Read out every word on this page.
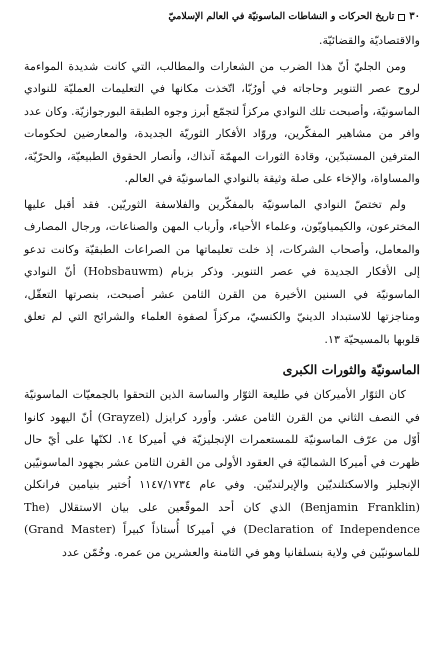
٣٠
تاريخ الحركات و النشاطات الماسونيّة في العالم الإسلاميّ

والاقتصاديّة والقضائيّة.

ومن الجليّ أنّ هذا الضرب من الشعارات والمطالب، التي كانت شديدة المواءمة لروح عصر التنوير وحاجاته في أورُبّا، اتّخذت مكانها في التعليمات العمليّة للنوادي الماسونيّة، وأصبحت تلك النوادي مركزاً لتجمّع أبرز وجوه الطبقة البورجوازيّة. وكان عدد وافر من مشاهير المفكّرين، وروّاد الأفكار الثوريّة الجديدة، والمعارضين لحكومات المترفين المستبدّين، وقادة الثورات المهمّة آنذاك، وأنصار الحقوق الطبيعيّة، والحرّيّة، والمساواة، والإخاء على صلة وثيقة بالنوادي الماسونيّة في العالم.

ولم تختصّ النوادي الماسونيّة بالمفكّرين والفلاسفة الثوريّين. فقد أقبل عليها المخترعون، والكيمياويّون، وعلماء الأحياء، وأرباب المهن والصناعات، ورجال المصارف والمعامل، وأصحاب الشركات، إذ خلت تعليماتها من الصراعات الطبقيّة وكانت تدعو إلى الأفكار الجديدة في عصر التنوير. وذكر بزبام (Hobsbauwm) أنّ النوادي الماسونيّة في السنين الأخيرة من القرن الثامن عشر أصبحت، بنصرتها التعقّل، ومناجزتها للاستبداد الدينيّ والكنسيّ، مركزاً لصفوة العلماء والشرائح التي لم تعلق قلوبها بالمسيحيّة ١٣.

الماسونيّة والثورات الكبرى

كان الثوّار الأميركان في طليعة الثوّار والساسة الذين التحقوا بالجمعيّات الماسونيّة في النصف الثاني من القرن الثامن عشر. وأورد كرايزل (Grayzel) أنّ اليهود كانوا أوّل من عرّف الماسونيّة للمستعمرات الإنجليزيّة في أميركا ١٤. لكنّها على أيّ حال ظهرت في أميركا الشماليّة في العقود الأولى من القرن الثامن عشر بجهود الماسونيّين الإنجليز والاسكتلنديّين والإيرلنديّين. وفي عام ١١٤٧/١٧٣٤ اُختير بنيامين فرانكلن (Benjamin Franklin) الذي كان أحد الموقّعين على بيان الاستقلال (The Declaration of Independence) في أميركا أُستاذاً كبيراً (Grand Master) للماسونيّين في ولاية بنسلفانيا وهو في الثامنة والعشرين من عمره. وخُمّن عدد
